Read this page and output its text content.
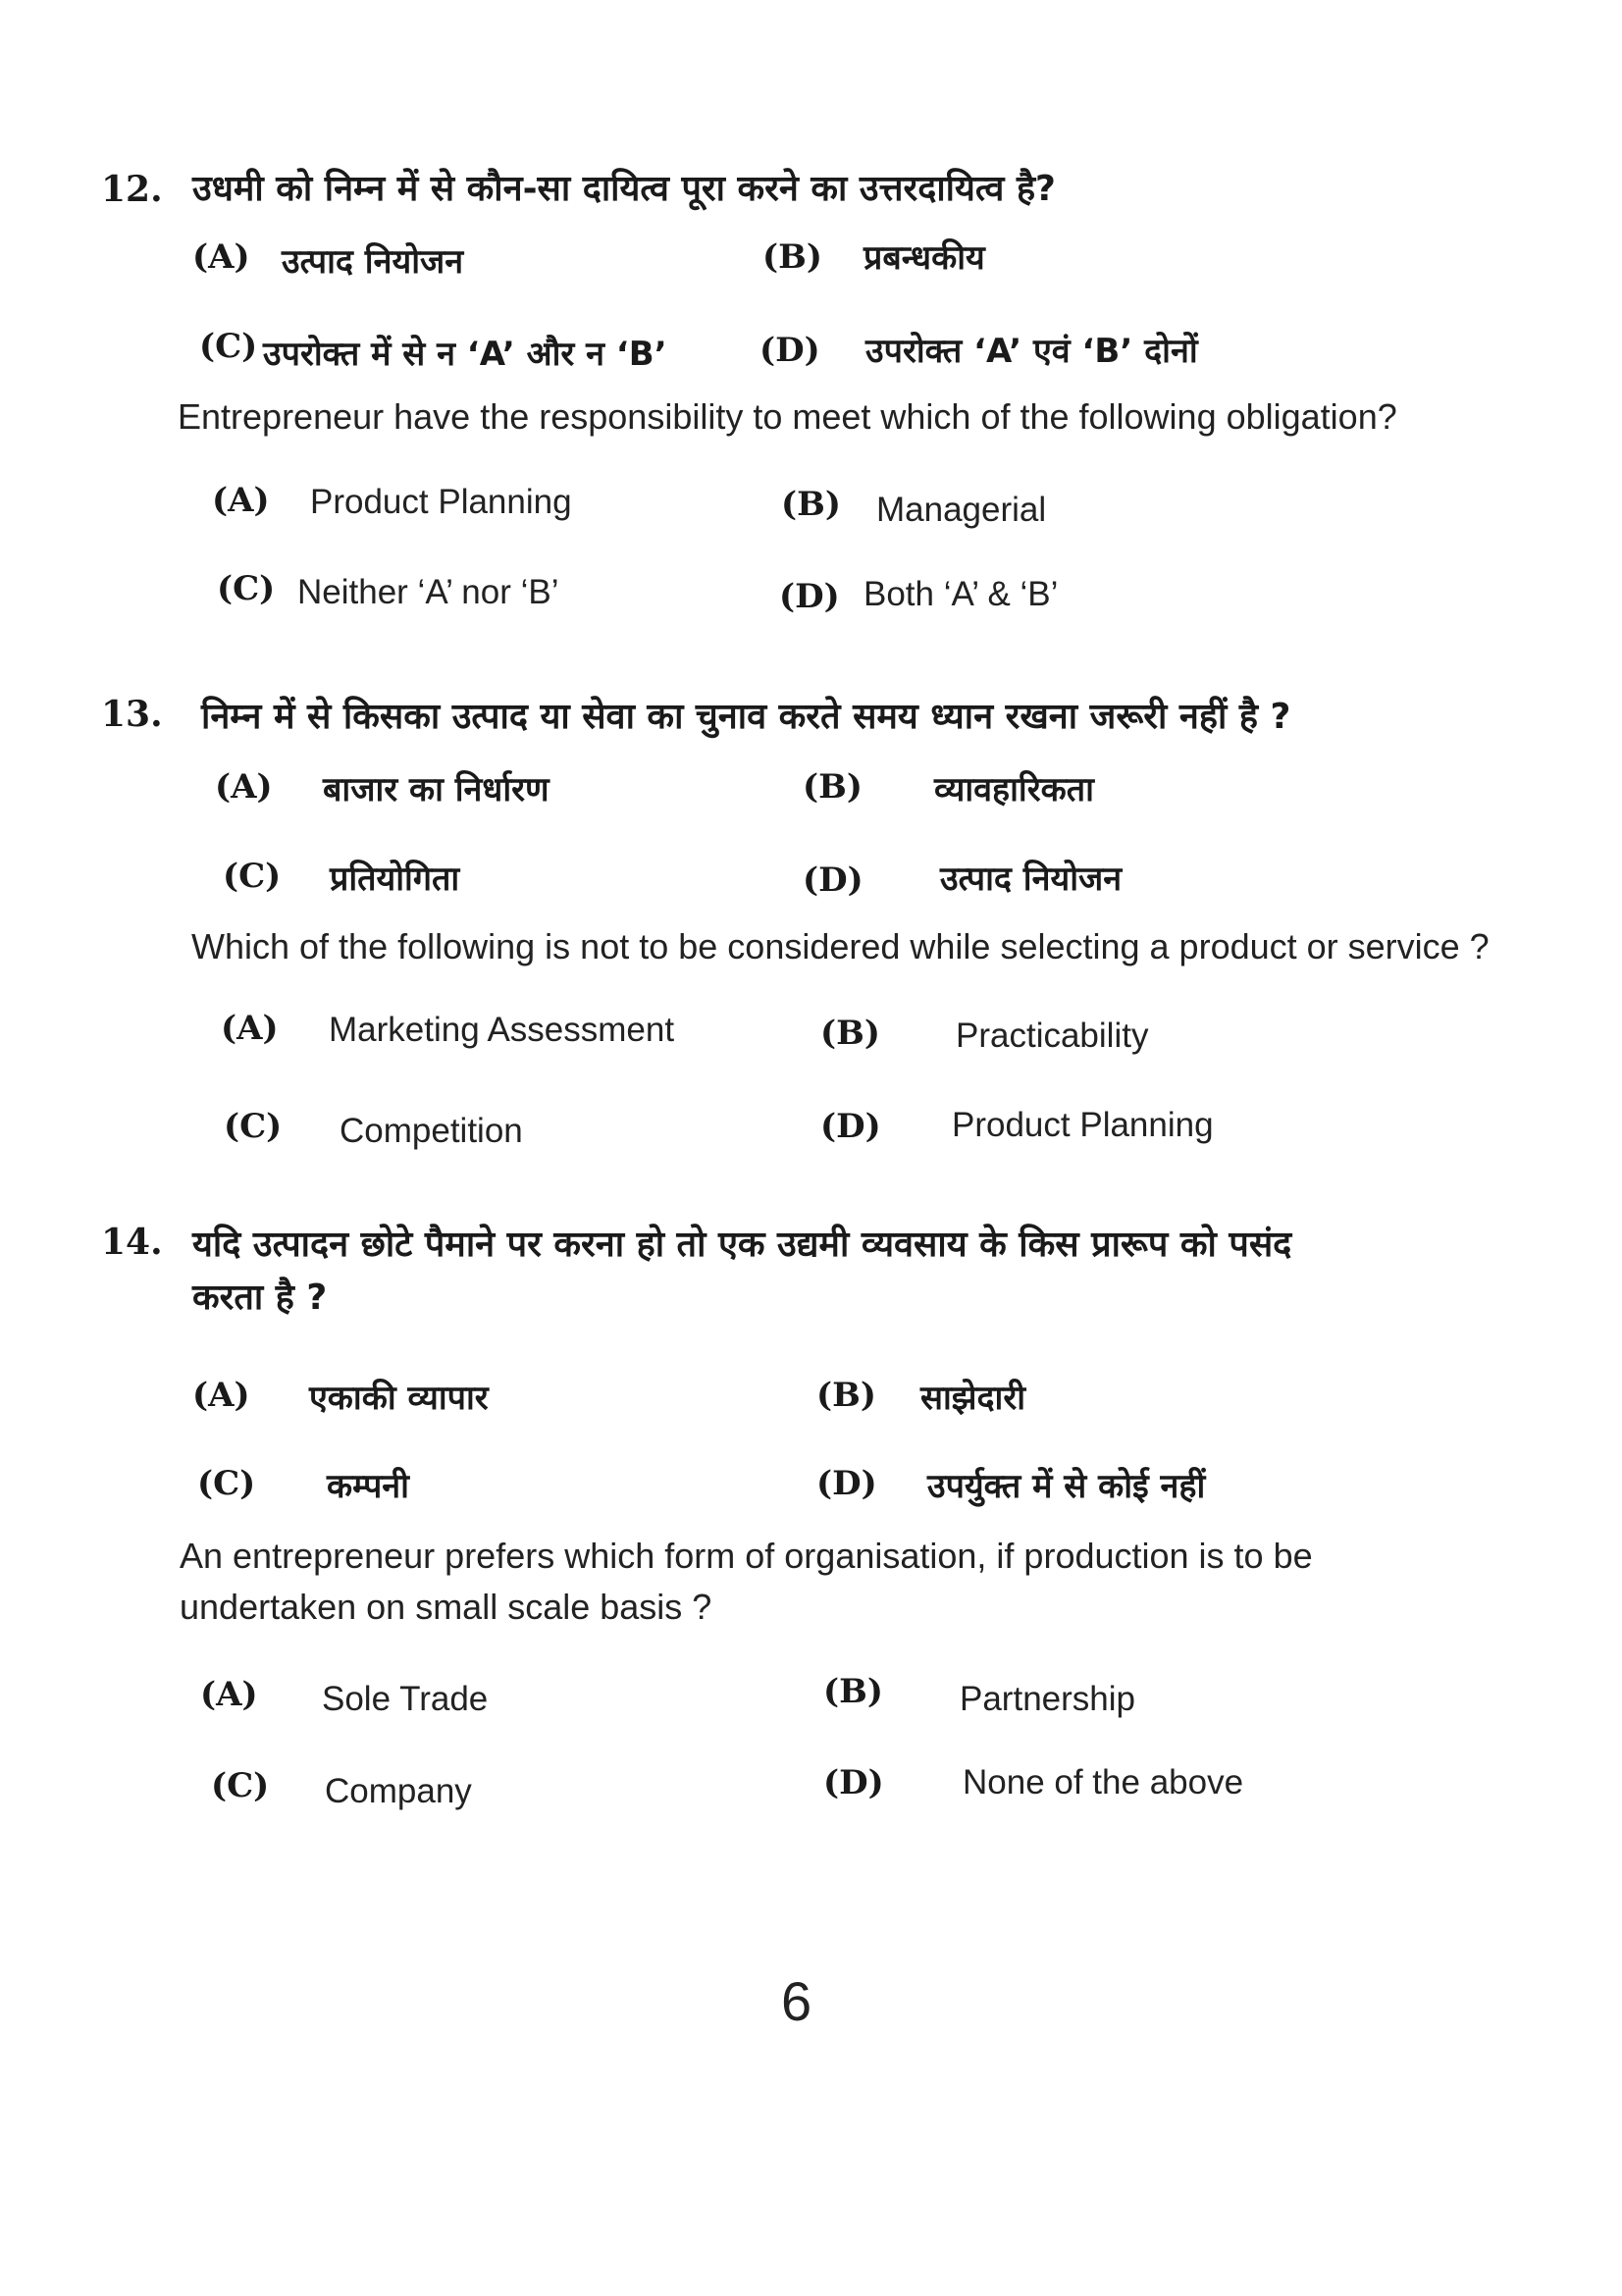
12. उधमी को निम्न में से कौन-सा दायित्व पूरा करने का उत्तरदायित्व है?
(A) उत्पाद नियोजन	(B) प्रबन्धकीय
(C) उपरोक्त में से न ‘A’ और न ‘B’	(D) उपरोक्त ‘A’ एवं ‘B’ दोनों
Entrepreneur have the responsibility to meet which of the following obligation?
(A) Product Planning	(B) Managerial
(C) Neither ‘A’ nor ‘B’	(D) Both ‘A’ & ‘B’
13. निम्न में से किसका उत्पाद या सेवा का चुनाव करते समय ध्यान रखना जरूरी नहीं है ?
(A) बाजार का निर्धारण	(B) व्यावहारिकता
(C) प्रतियोगिता	(D) उत्पाद नियोजन
Which of the following is not to be considered while selecting a product or service ?
(A) Marketing Assessment	(B) Practicability
(C) Competition	(D) Product Planning
14. यदि उत्पादन छोटे पैमाने पर करना हो तो एक उद्यमी व्यवसाय के किस प्रारूप को पसंद
करता है ?
(A) एकाकी व्यापार	(B) साझेदारी
(C) कम्पनी	(D) उपर्युक्त में से कोई नहीं
An entrepreneur prefers which form of organisation, if production is to be
undertaken on small scale basis ?
(A) Sole Trade	(B) Partnership
(C) Company	(D) None of the above
6
